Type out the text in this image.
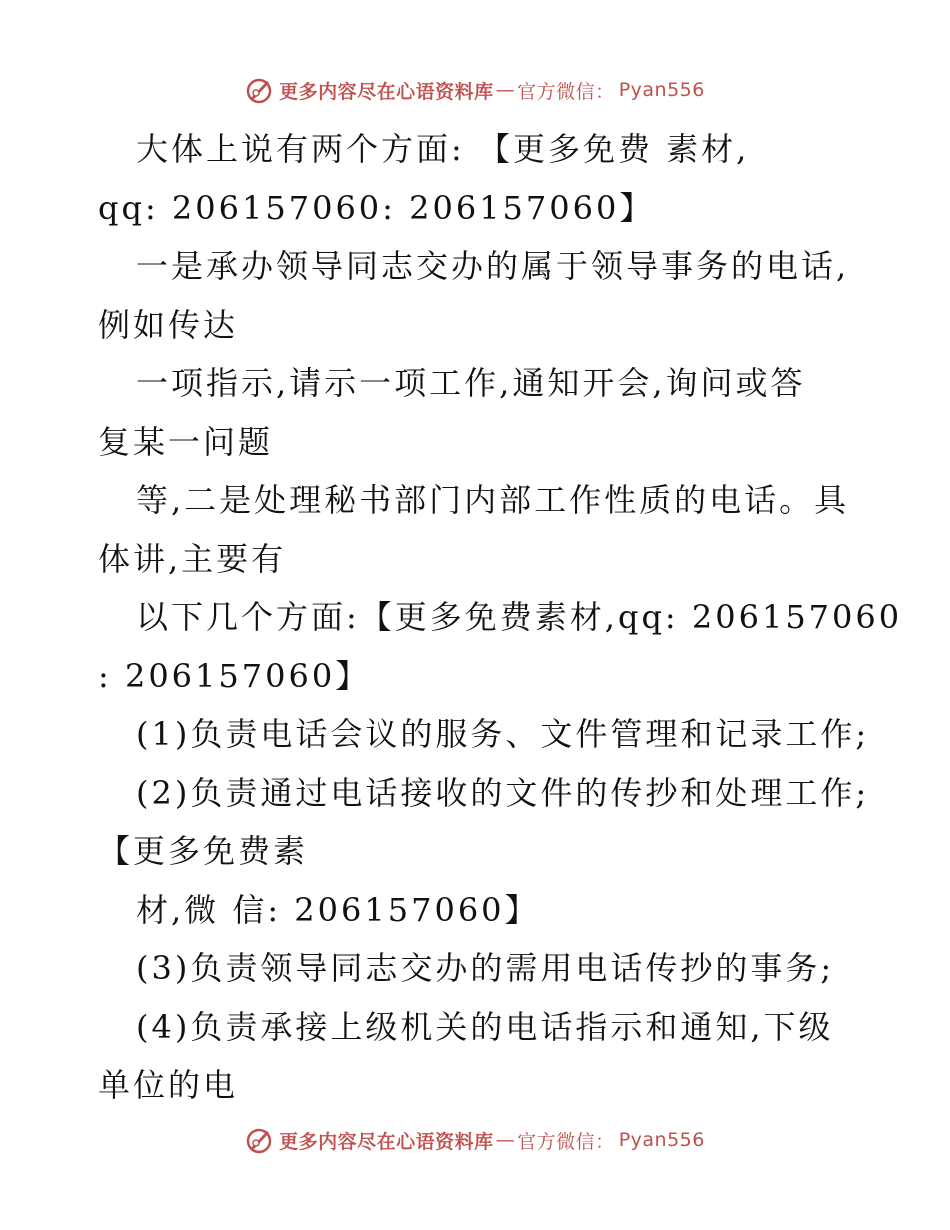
更多内容尽在心语资料库 — 官方微信： Pyan556
大体上说有两个方面: 【更多免费 素材,
qq: 206157060: 206157060】
一是承办领导同志交办的属于领导事务的电话,
例如传达
一项指示,请示一项工作,通知开会,询问或答
复某一问题
等,二是处理秘书部门内部工作性质的电话。具
体讲,主要有
以下几个方面:【更多免费素材,qq: 206157060
: 206157060】
(1)负责电话会议的服务、文件管理和记录工作;
(2)负责通过电话接收的文件的传抄和处理工作;
【更多免费素
材,微 信: 206157060】
(3)负责领导同志交办的需用电话传抄的事务;
(4)负责承接上级机关的电话指示和通知,下级
单位的电
更多内容尽在心语资料库 — 官方微信： Pyan556
